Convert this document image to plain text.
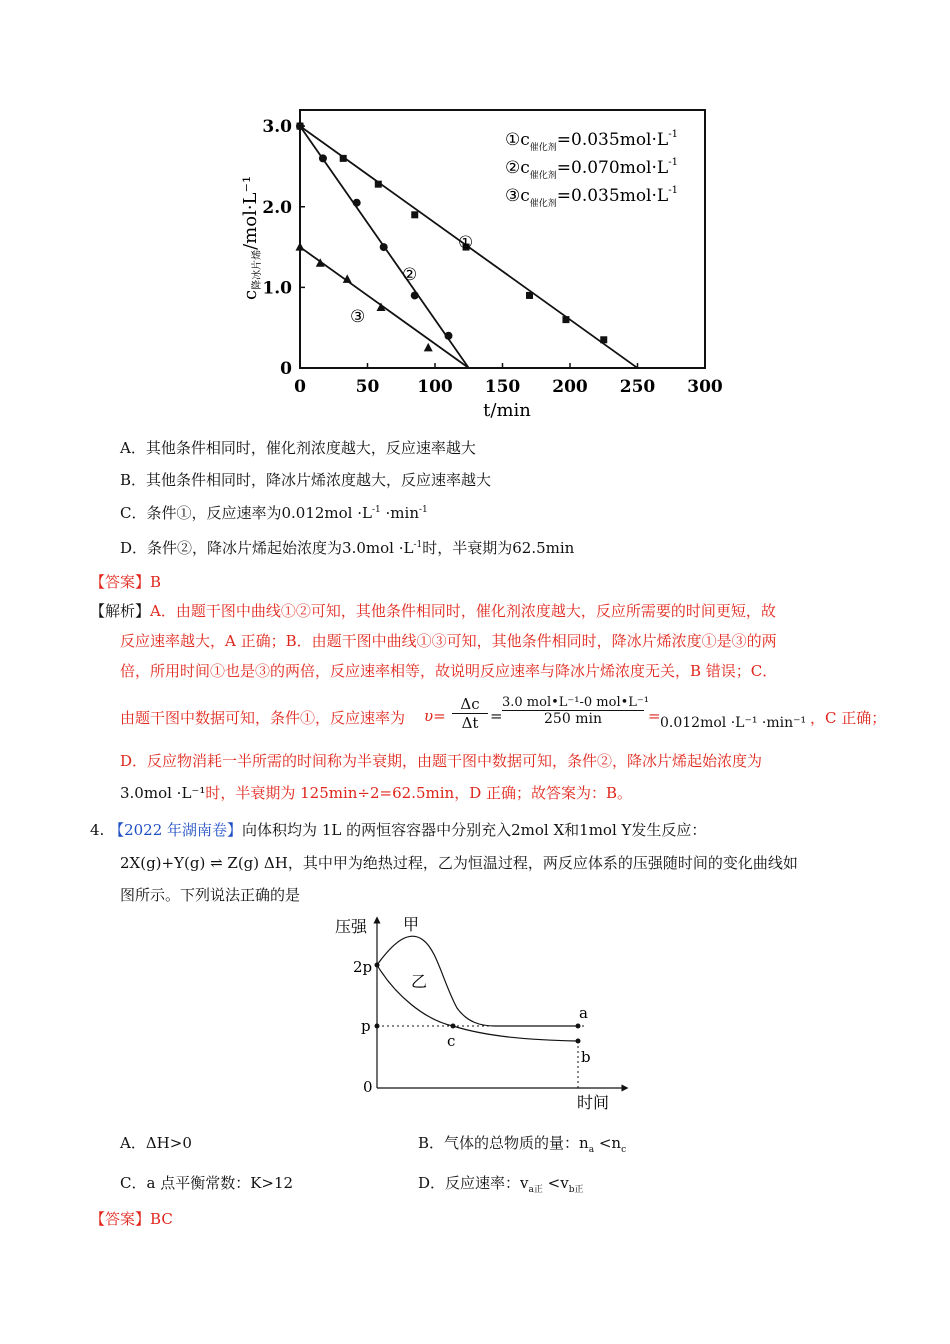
0	50 100 150 200 250 300
0
1.0
2.0
3.0
t/min
$c_{降冰片烯}/mol\cdot L^{-1}$
$①c_{催化剂}=0.035mol\cdot L^{-1}$
$②c_{催化剂}=0.070mol\cdot L^{-1}$
$③c_{催化剂}=0.035mol\cdot L^{-1}$
①
②
③
A．其他条件相同时，催化剂浓度越大，反应速率越大
B．其他条件相同时，降冰片烯浓度越大，反应速率越大
C．条件①，反应速率为$0.012mol \cdot L^{-1} \cdot\min^{-1}$
D．条件②，降冰片烯起始浓度为$3.0mol \cdot L^{-1}$时，半衰期为62.5min
【答案】B
【解析】A．由题干图中曲线①②可知，其他条件相同时，催化剂浓度越大，反应所需要的时间更短，故
反应速率越大，A 正确；B．由题干图中曲线①③可知，其他条件相同时，降冰片烯浓度①是③的两
倍，所用时间①也是③的两倍，反应速率相等，故说明反应速率与降冰片烯浓度无关，B 错误；C．
由题干图中数据可知，条件①，反应速率为 $\upsilon= \frac{\Delta c}{\Delta t}$ =
3.0 mol•L⁻¹-0 mol•L⁻¹
250 min	= 0.012mol ·L⁻¹ ·min⁻¹ ，C 正确；
D．反应物消耗一半所需的时间称为半衰期，由题干图中数据可知，条件②，降冰片烯起始浓度为
3.0mol ·L⁻¹时，半衰期为 125min÷2=62.5min，D 正确；故答案为：B。
4. 【2022 年湖南卷】向体积均为 1L 的两恒容容器中分别充入2mol X和1mol Y发生反应：
2X(g)+Y(g) ⇌ Z(g) ΔH，其中甲为绝热过程，乙为恒温过程，两反应体系的压强随时间的变化曲线如
图所示。下列说法正确的是
压强
时间
2p
p
0
甲
乙
a
b
c
A．ΔH>0	B．气体的总物质的量：$n_a <n_c$
C．a 点平衡常数：K>12	D．反应速率：$v_{a正} <v_{b正}$
【答案】BC
